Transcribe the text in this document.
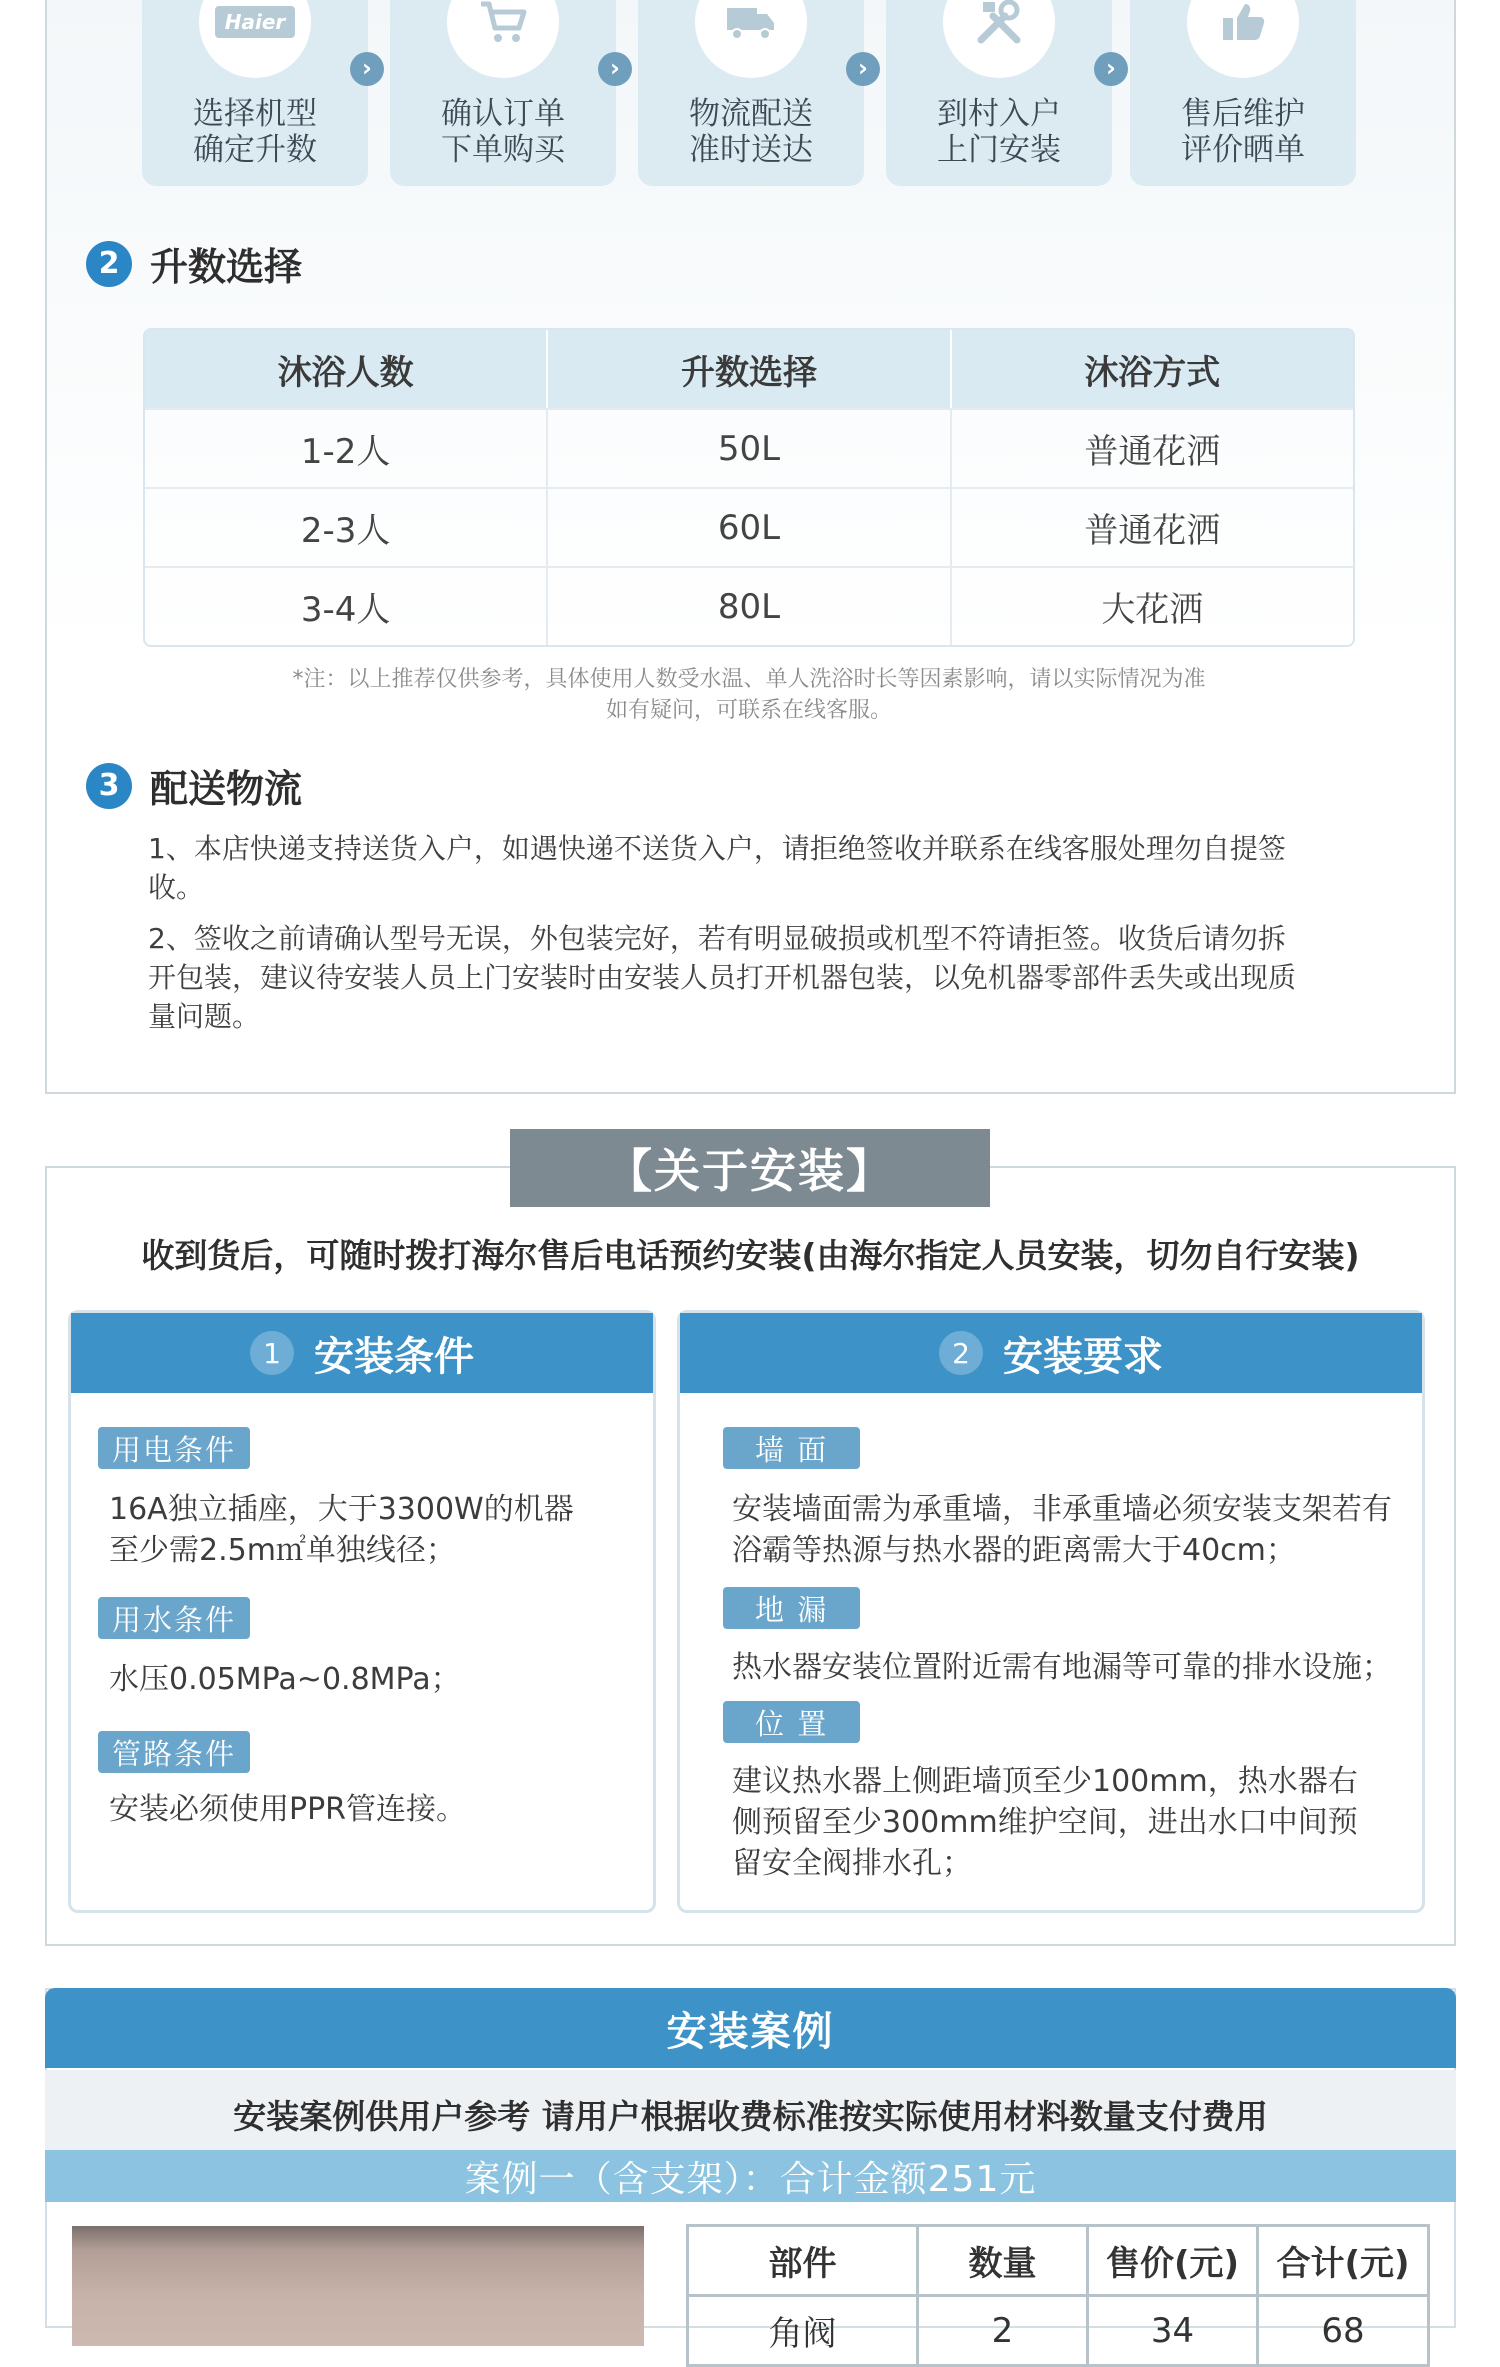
Haier
选择机型
确定升数
›
确认订单
下单购买
›
物流配送
准时送达
›
到村入户
上门安装
›
售后维护
评价晒单
2 升数选择
沐浴人数	升数选择	沐浴方式
1-2人	50L	普通花洒
2-3人	60L	普通花洒
3-4人	80L	大花洒
*注：以上推荐仅供参考，具体使用人数受水温、单人洗浴时长等因素影响，请以实际情况为准
如有疑问，可联系在线客服。
3 配送物流
1、本店快递支持送货入户，如遇快递不送货入户，请拒绝签收并联系在线客服处理勿自提签收。
2、签收之前请确认型号无误，外包装完好，若有明显破损或机型不符请拒签。收货后请勿拆开包装，建议待安装人员上门安装时由安装人员打开机器包装，以免机器零部件丢失或出现质量问题。
【关于安装】
收到货后，可随时拨打海尔售后电话预约安装(由海尔指定人员安装，切勿自行安装)
1 安装条件
用电条件
16A独立插座，大于3300W的机器至少需2.5m㎡单独线径；
用水条件
水压0.05MPa~0.8MPa；
管路条件
安装必须使用PPR管连接。
2 安装要求
墙 面
安装墙面需为承重墙，非承重墙必须安装支架若有浴霸等热源与热水器的距离需大于40cm；
地 漏
热水器安装位置附近需有地漏等可靠的排水设施；
位 置
建议热水器上侧距墙顶至少100mm，热水器右侧预留至少300mm维护空间，进出水口中间预留安全阀排水孔；
安装案例
安装案例供用户参考 请用户根据收费标准按实际使用材料数量支付费用
案例一（含支架）：合计金额251元
部件	数量	售价(元)	合计(元)
角阀	2	34	68
